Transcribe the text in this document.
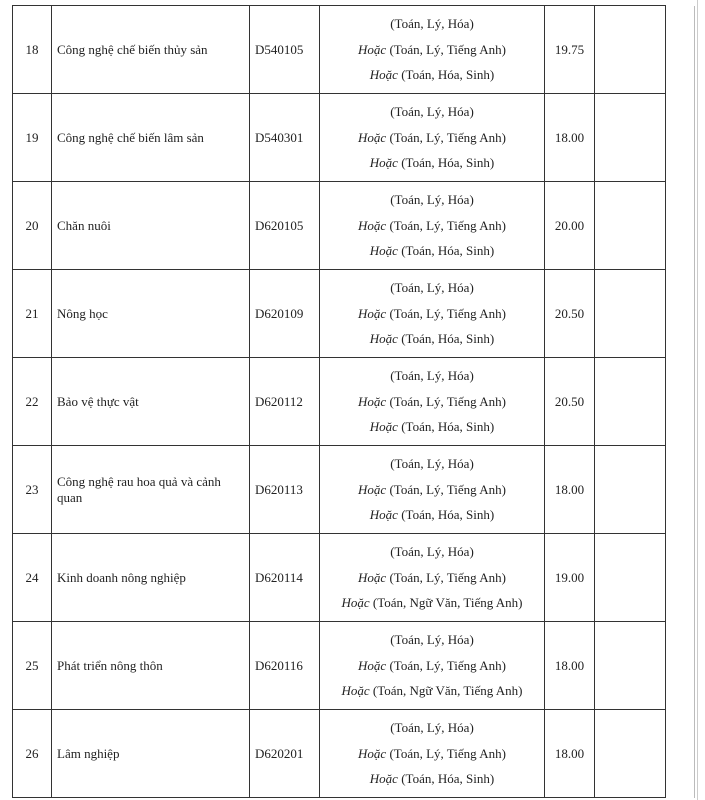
18	Công nghệ chế biến thủy sản	D540105	(Toán, Lý, Hóa)
Hoặc (Toán, Lý, Tiếng Anh)
Hoặc (Toán, Hóa, Sinh)	19.75		
19	Công nghệ chế biến lâm sản	D540301	(Toán, Lý, Hóa)
Hoặc (Toán, Lý, Tiếng Anh)
Hoặc (Toán, Hóa, Sinh)	18.00		
20	Chăn nuôi	D620105	(Toán, Lý, Hóa)
Hoặc (Toán, Lý, Tiếng Anh)
Hoặc (Toán, Hóa, Sinh)	20.00		
21	Nông học	D620109	(Toán, Lý, Hóa)
Hoặc (Toán, Lý, Tiếng Anh)
Hoặc (Toán, Hóa, Sinh)	20.50		
22	Bảo vệ thực vật	D620112	(Toán, Lý, Hóa)
Hoặc (Toán, Lý, Tiếng Anh)
Hoặc (Toán, Hóa, Sinh)	20.50		
23	Công nghệ rau hoa quả và cảnh quan	D620113	(Toán, Lý, Hóa)
Hoặc (Toán, Lý, Tiếng Anh)
Hoặc (Toán, Hóa, Sinh)	18.00		
24	Kinh doanh nông nghiệp	D620114	(Toán, Lý, Hóa)
Hoặc (Toán, Lý, Tiếng Anh)
Hoặc (Toán, Ngữ Văn, Tiếng Anh)	19.00		
25	Phát triển nông thôn	D620116	(Toán, Lý, Hóa)
Hoặc (Toán, Lý, Tiếng Anh)
Hoặc (Toán, Ngữ Văn, Tiếng Anh)	18.00		
26	Lâm nghiệp	D620201	(Toán, Lý, Hóa)
Hoặc (Toán, Lý, Tiếng Anh)
Hoặc (Toán, Hóa, Sinh)	18.00		
